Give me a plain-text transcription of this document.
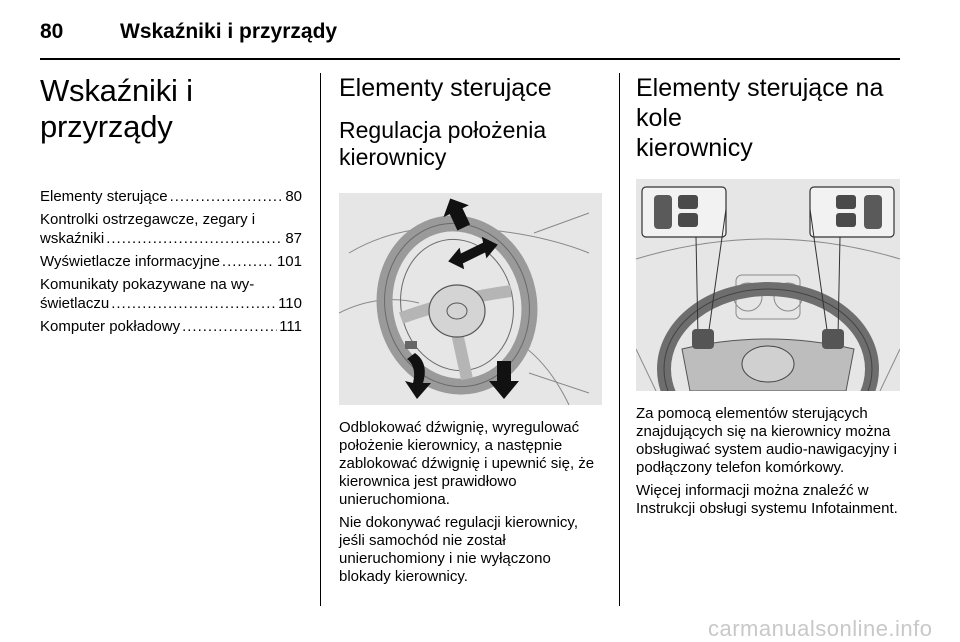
80	Wskaźniki i przyrządy
Wskaźniki i przyrządy
Elementy sterujące .....	80
Kontrolki ostrzegawcze, zegary i
wskaźniki .....	87
Wyświetlacze informacyjne .....	101
Komunikaty pokazywane na wy-
świetlaczu .....	110
Komputer pokładowy .....	111
Elementy sterujące
Regulacja położenia
kierownicy

Odblokować dźwignię, wyregulować położenie kierownicy, a następnie zablokować dźwignię i upewnić się, że kierownica jest prawidłowo unieruchomiona.

Nie dokonywać regulacji kierownicy, jeśli samochód nie został unieruchomiony i nie wyłączono blokady kierownicy.

Elementy sterujące na kole
kierownicy

Za pomocą elementów sterujących znajdujących się na kierownicy można obsługiwać system audio-nawigacyjny i podłączony telefon komórkowy.

Więcej informacji można znaleźć w Instrukcji obsługi systemu Infotainment.

carmanualsonline.info
